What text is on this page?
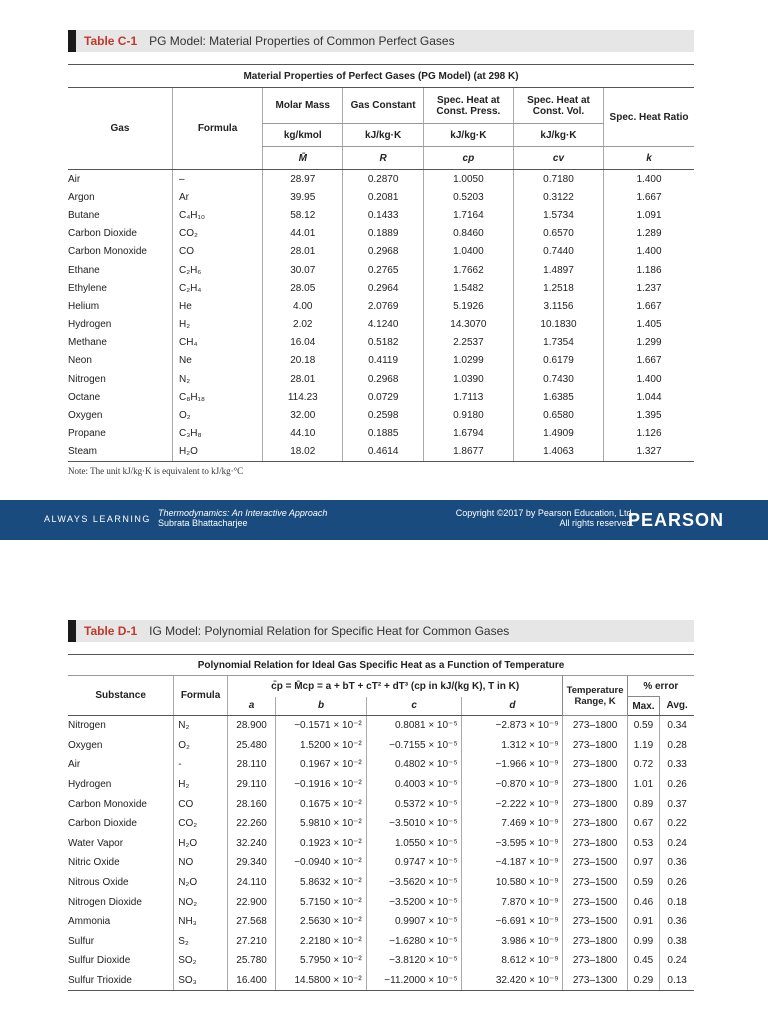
Table C-1 PG Model: Material Properties of Common Perfect Gases
Material Properties of Perfect Gases (PG Model) (at 298 K)						
Gas	Formula	Molar Mass	Gas Constant	Spec. Heat at Const. Press.	Spec. Heat at Const. Vol.	Spec. Heat Ratio
		kg/kmol	kJ/kg·K	kJ/kg·K	kJ/kg·K	
		M̄	R	cp	cv	k
Air	–	28.97	0.2870	1.0050	0.7180	1.400
Argon	Ar	39.95	0.2081	0.5203	0.3122	1.667
Butane	C₄H₁₀	58.12	0.1433	1.7164	1.5734	1.091
Carbon Dioxide	CO₂	44.01	0.1889	0.8460	0.6570	1.289
Carbon Monoxide	CO	28.01	0.2968	1.0400	0.7440	1.400
Ethane	C₂H₆	30.07	0.2765	1.7662	1.4897	1.186
Ethylene	C₂H₄	28.05	0.2964	1.5482	1.2518	1.237
Helium	He	4.00	2.0769	5.1926	3.1156	1.667
Hydrogen	H₂	2.02	4.1240	14.3070	10.1830	1.405
Methane	CH₄	16.04	0.5182	2.2537	1.7354	1.299
Neon	Ne	20.18	0.4119	1.0299	0.6179	1.667
Nitrogen	N₂	28.01	0.2968	1.0390	0.7430	1.400
Octane	C₈H₁₈	114.23	0.0729	1.7113	1.6385	1.044
Oxygen	O₂	32.00	0.2598	0.9180	0.6580	1.395
Propane	C₃H₈	44.10	0.1885	1.6794	1.4909	1.126
Steam	H₂O	18.02	0.4614	1.8677	1.4063	1.327
Note: The unit kJ/kg·K is equivalent to kJ/kg·°C
ALWAYS LEARNING
Thermodynamics: An Interactive Approach
Subrata Bhattacharjee
Copyright ©2017 by Pearson Education, Ltd.
All rights reserved.
PEARSON
Table D-1 IG Model: Polynomial Relation for Specific Heat for Common Gases
Polynomial Relation for Ideal Gas Specific Heat as a Function of Temperature								
Substance	Formula	c̄p = M̄cp = a + bT + cT² + dT³ (cp in kJ/(kg K), T in K)				Temperature Range, K	% error	
		a	b	c	d		Max.	Avg.
Nitrogen	N₂	28.900	−0.1571 × 10⁻²	0.8081 × 10⁻⁵	−2.873 × 10⁻⁹	273–1800	0.59	0.34
Oxygen	O₂	25.480	1.5200 × 10⁻²	−0.7155 × 10⁻⁵	1.312 × 10⁻⁹	273–1800	1.19	0.28
Air	-	28.110	0.1967 × 10⁻²	0.4802 × 10⁻⁵	−1.966 × 10⁻⁹	273–1800	0.72	0.33
Hydrogen	H₂	29.110	−0.1916 × 10⁻²	0.4003 × 10⁻⁵	−0.870 × 10⁻⁹	273–1800	1.01	0.26
Carbon Monoxide	CO	28.160	0.1675 × 10⁻²	0.5372 × 10⁻⁵	−2.222 × 10⁻⁹	273–1800	0.89	0.37
Carbon Dioxide	CO₂	22.260	5.9810 × 10⁻²	−3.5010 × 10⁻⁵	7.469 × 10⁻⁹	273–1800	0.67	0.22
Water Vapor	H₂O	32.240	0.1923 × 10⁻²	1.0550 × 10⁻⁵	−3.595 × 10⁻⁹	273–1800	0.53	0.24
Nitric Oxide	NO	29.340	−0.0940 × 10⁻²	0.9747 × 10⁻⁵	−4.187 × 10⁻⁹	273–1500	0.97	0.36
Nitrous Oxide	N₂O	24.110	5.8632 × 10⁻²	−3.5620 × 10⁻⁵	10.580 × 10⁻⁹	273–1500	0.59	0.26
Nitrogen Dioxide	NO₂	22.900	5.7150 × 10⁻²	−3.5200 × 10⁻⁵	7.870 × 10⁻⁹	273–1500	0.46	0.18
Ammonia	NH₃	27.568	2.5630 × 10⁻²	0.9907 × 10⁻⁵	−6.691 × 10⁻⁹	273–1500	0.91	0.36
Sulfur	S₂	27.210	2.2180 × 10⁻²	−1.6280 × 10⁻⁵	3.986 × 10⁻⁹	273–1800	0.99	0.38
Sulfur Dioxide	SO₂	25.780	5.7950 × 10⁻²	−3.8120 × 10⁻⁵	8.612 × 10⁻⁹	273–1800	0.45	0.24
Sulfur Trioxide	SO₃	16.400	14.5800 × 10⁻²	−11.2000 × 10⁻⁵	32.420 × 10⁻⁹	273–1300	0.29	0.13
